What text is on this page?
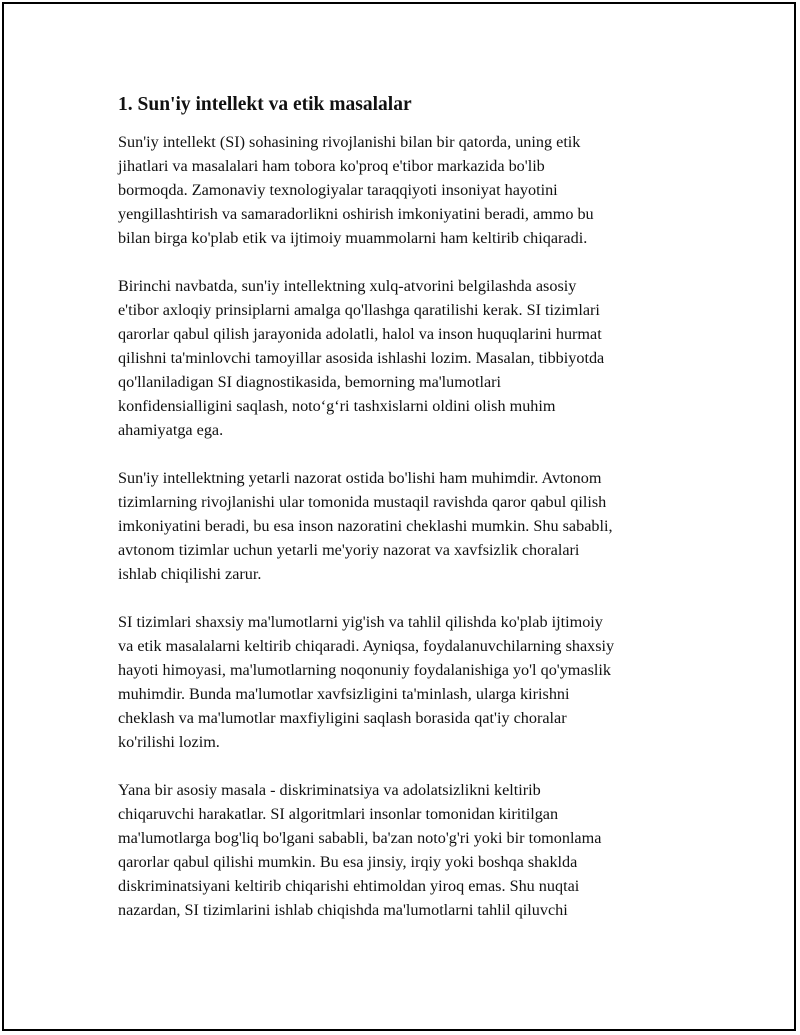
1. Sun'iy intellekt va etik masalalar

Sun'iy intellekt (SI) sohasining rivojlanishi bilan bir qatorda, uning etik
jihatlari va masalalari ham tobora ko'proq e'tibor markazida bo'lib
bormoqda. Zamonaviy texnologiyalar taraqqiyoti insoniyat hayotini
yengillashtirish va samaradorlikni oshirish imkoniyatini beradi, ammo bu
bilan birga ko'plab etik va ijtimoiy muammolarni ham keltirib chiqaradi.

Birinchi navbatda, sun'iy intellektning xulq-atvorini belgilashda asosiy
e'tibor axloqiy prinsiplarni amalga qo'llashga qaratilishi kerak. SI tizimlari
qarorlar qabul qilish jarayonida adolatli, halol va inson huquqlarini hurmat
qilishni ta'minlovchi tamoyillar asosida ishlashi lozim. Masalan, tibbiyotda
qo'llaniladigan SI diagnostikasida, bemorning ma'lumotlari
konfidensialligini saqlash, notoʻgʻri tashxislarni oldini olish muhim
ahamiyatga ega.

Sun'iy intellektning yetarli nazorat ostida bo'lishi ham muhimdir. Avtonom
tizimlarning rivojlanishi ular tomonida mustaqil ravishda qaror qabul qilish
imkoniyatini beradi, bu esa inson nazoratini cheklashi mumkin. Shu sababli,
avtonom tizimlar uchun yetarli me'yoriy nazorat va xavfsizlik choralari
ishlab chiqilishi zarur.

SI tizimlari shaxsiy ma'lumotlarni yig'ish va tahlil qilishda ko'plab ijtimoiy
va etik masalalarni keltirib chiqaradi. Ayniqsa, foydalanuvchilarning shaxsiy
hayoti himoyasi, ma'lumotlarning noqonuniy foydalanishiga yo'l qo'ymaslik
muhimdir. Bunda ma'lumotlar xavfsizligini ta'minlash, ularga kirishni
cheklash va ma'lumotlar maxfiyligini saqlash borasida qat'iy choralar
ko'rilishi lozim.

Yana bir asosiy masala - diskriminatsiya va adolatsizlikni keltirib
chiqaruvchi harakatlar. SI algoritmlari insonlar tomonidan kiritilgan
ma'lumotlarga bog'liq bo'lgani sababli, ba'zan noto'g'ri yoki bir tomonlama
qarorlar qabul qilishi mumkin. Bu esa jinsiy, irqiy yoki boshqa shaklda
diskriminatsiyani keltirib chiqarishi ehtimoldan yiroq emas. Shu nuqtai
nazardan, SI tizimlarini ishlab chiqishda ma'lumotlarni tahlil qiluvchi
